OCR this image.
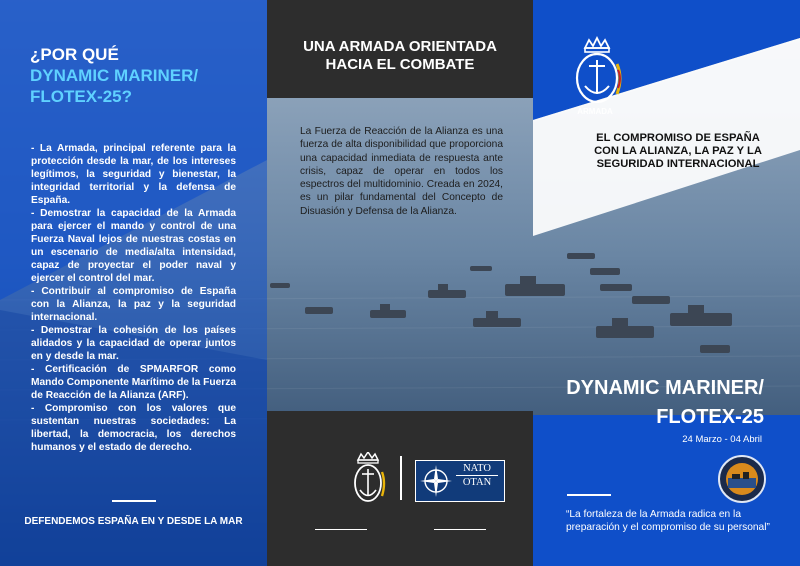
¿POR QUÉ
DYNAMIC MARINER/
FLOTEX-25?

- La Armada, principal referente para la protección desde la mar, de los intereses legítimos, la seguridad y bienestar, la integridad territorial y la defensa de España.

- Demostrar la capacidad de la Armada para ejercer el mando y control de una Fuerza Naval lejos de nuestras costas en un escenario de media/alta intensidad, capaz de proyectar el poder naval y ejercer el control del mar.

- Contribuir al compromiso de España con la Alianza, la paz y la seguridad internacional.

- Demostrar la cohesión de los países alidados y la capacidad de operar juntos en y desde la mar.

- Certificación de SPMARFOR como Mando Componente Marítimo de la Fuerza de Reacción de la Alianza (ARF).

- Compromiso con los valores que sustentan nuestras sociedades: La libertad, la democracia, los derechos humanos y el estado de derecho.

DEFENDEMOS ESPAÑA EN Y DESDE LA MAR
UNA ARMADA ORIENTADA
HACIA EL COMBATE
La Fuerza de Reacción de la Alianza es una fuerza de alta disponibilidad que proporciona una capacidad inmediata de respuesta ante crisis, capaz de operar en todos los espectros del multidominio. Creada en 2024, es un pilar fundamental del Concepto de Disuasión y Defensa de la Alianza.
NATO
OTAN
ARMADA
EL COMPROMISO DE ESPAÑA
CON LA ALIANZA, LA PAZ Y LA
SEGURIDAD INTERNACIONAL
DYNAMIC MARINER/
FLOTEX-25
24 Marzo - 04 Abril
“La fortaleza de la Armada radica en la preparación y el compromiso de su personal”
